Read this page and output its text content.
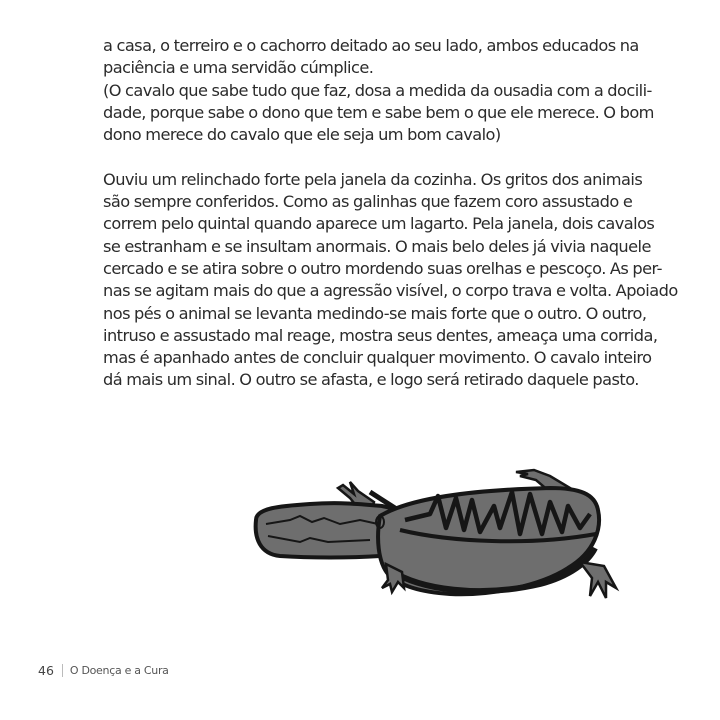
a casa, o terreiro e o cachorro deitado ao seu lado, ambos educados na
paciência e uma servidão cúmplice.
(O cavalo que sabe tudo que faz, dosa a medida da ousadia com a docili-
dade, porque sabe o dono que tem e sabe bem o que ele merece. O bom
dono merece do cavalo que ele seja um bom cavalo)
Ouviu um relinchado forte pela janela da cozinha. Os gritos dos animais
são sempre conferidos. Como as galinhas que fazem coro assustado e
correm pelo quintal quando aparece um lagarto. Pela janela, dois cavalos
se estranham e se insultam anormais. O mais belo deles já vivia naquele
cercado e se atira sobre o outro mordendo suas orelhas e pescoço. As per-
nas se agitam mais do que a agressão visível, o corpo trava e volta. Apoiado
nos pés o animal se levanta medindo-se mais forte que o outro. O outro,
intruso e assustado mal reage, mostra seus dentes, ameaça uma corrida,
mas é apanhado antes de concluir qualquer movimento. O cavalo inteiro
dá mais um sinal. O outro se afasta, e logo será retirado daquele pasto.
46 O Doença e a Cura
